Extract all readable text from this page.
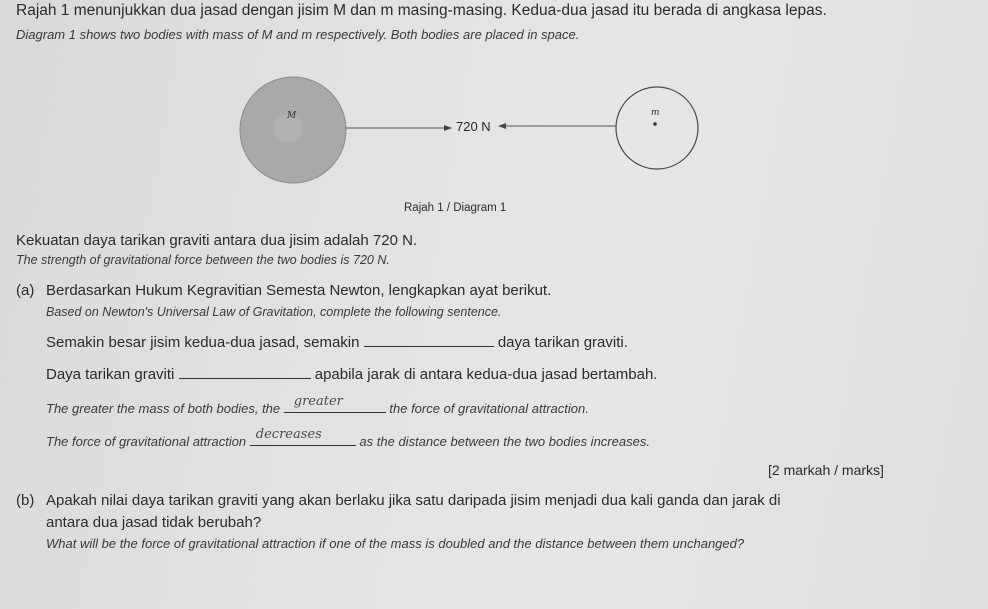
Rajah 1 menunjukkan dua jasad dengan jisim M dan m masing-masing. Kedua-dua jasad itu berada di angkasa lepas.
Diagram 1 shows two bodies with mass of M and m respectively. Both bodies are placed in space.
M	m
720 N
Rajah 1 / Diagram 1
Kekuatan daya tarikan graviti antara dua jisim adalah 720 N.
The strength of gravitational force between the two bodies is 720 N.
(a) Berdasarkan Hukum Kegravitian Semesta Newton, lengkapkan ayat berikut.
Based on Newton's Universal Law of Gravitation, complete the following sentence.
Semakin besar jisim kedua-dua jasad, semakin	daya tarikan graviti.
Daya tarikan graviti	apabila jarak di antara kedua-dua jasad bertambah.
The greater the mass of both bodies, the greater	the force of gravitational attraction.
The force of gravitational attraction decreases	as the distance between the two bodies increases.
[2 markah / marks]
(b) Apakah nilai daya tarikan graviti yang akan berlaku jika satu daripada jisim menjadi dua kali ganda dan jarak di
antara dua jasad tidak berubah?
What will be the force of gravitational attraction if one of the mass is doubled and the distance between them unchanged?
